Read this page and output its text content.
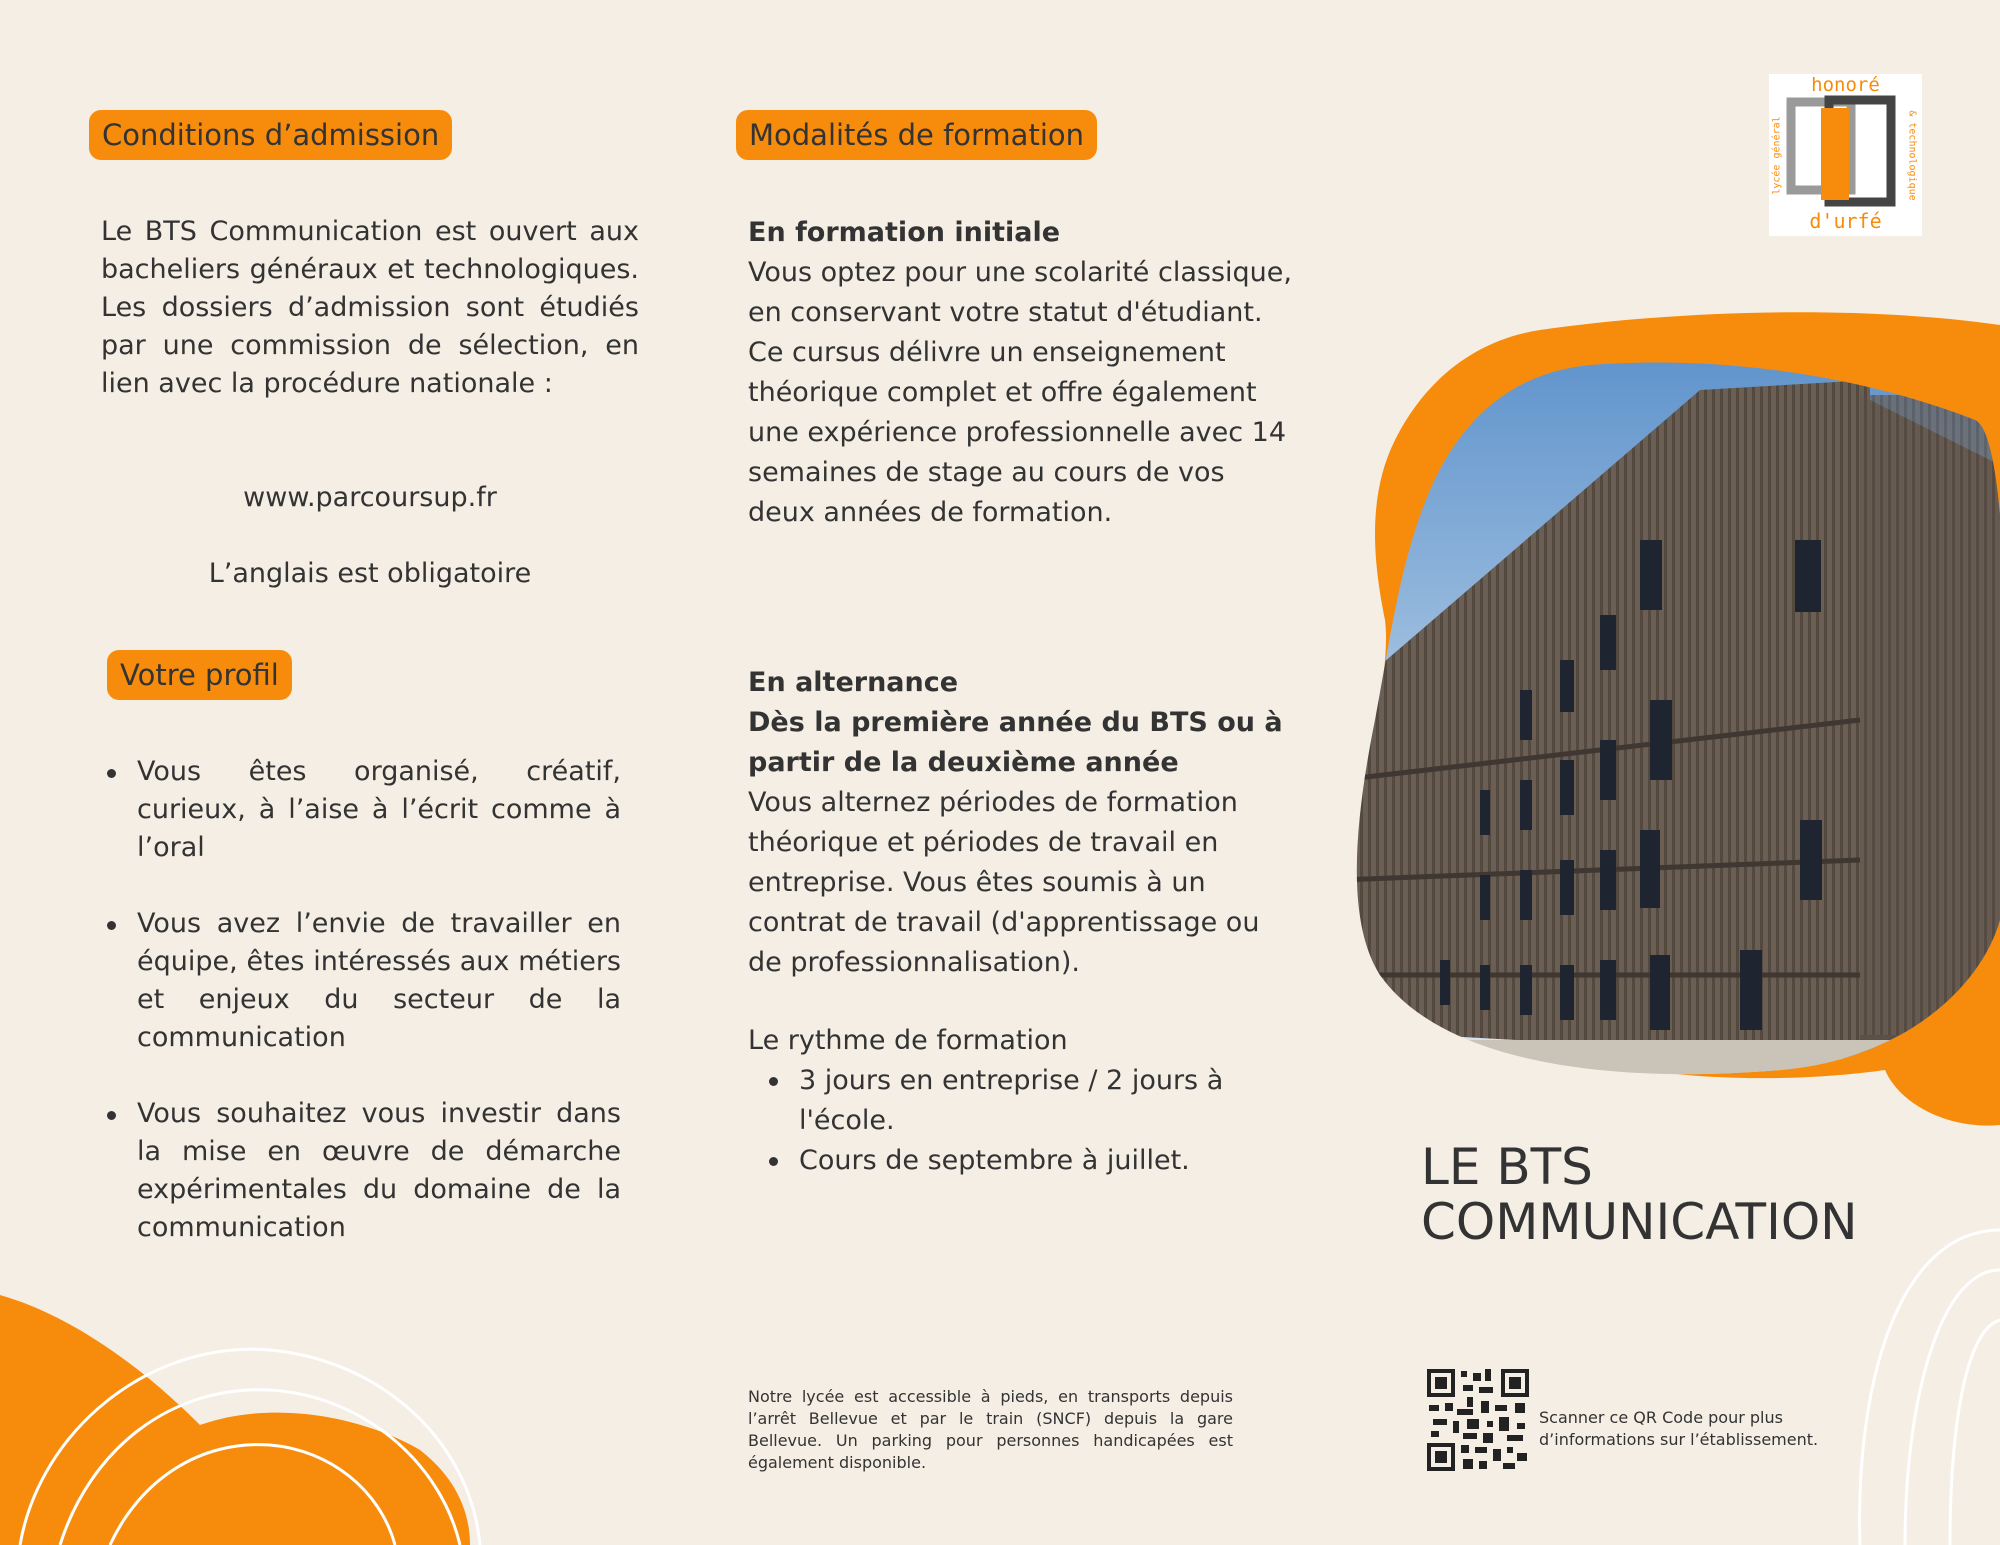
Conditions d’admission
Le BTS Communication est ouvert aux bacheliers généraux et technologiques. Les dossiers d’admission sont étudiés par une commission de sélection, en lien avec la procédure nationale :
www.parcoursup.fr
L’anglais est obligatoire
Votre profil
Vous êtes organisé, créatif, curieux, à l’aise à l’écrit comme à l’oral
Vous avez l’envie de travailler en équipe, êtes intéressés aux métiers et enjeux du secteur de la communication
Vous souhaitez vous investir dans la mise en œuvre de démarche expérimentales du domaine de la communication
Modalités de formation
En formation initiale
Vous optez pour une scolarité classique, en conservant votre statut d'étudiant. Ce cursus délivre un enseignement théorique complet et offre également une expérience professionnelle avec 14 semaines de stage au cours de vos deux années de formation.
En alternance
Dès la première année du BTS ou à partir de la deuxième année
Vous alternez périodes de formation théorique et périodes de travail en entreprise. Vous êtes soumis à un contrat de travail (d'apprentissage ou de professionnalisation).
Le rythme de formation
3 jours en entreprise / 2 jours à l'école.
Cours de septembre à juillet.
Notre lycée est accessible à pieds, en transports depuis l’arrêt Bellevue et par le train (SNCF) depuis la gare Bellevue. Un parking pour personnes handicapées est également disponible.
honoré
d'urfé
lycée général	& technologique
LE BTS
COMMUNICATION
Scanner ce QR Code pour plus d’informations sur l’établissement.
